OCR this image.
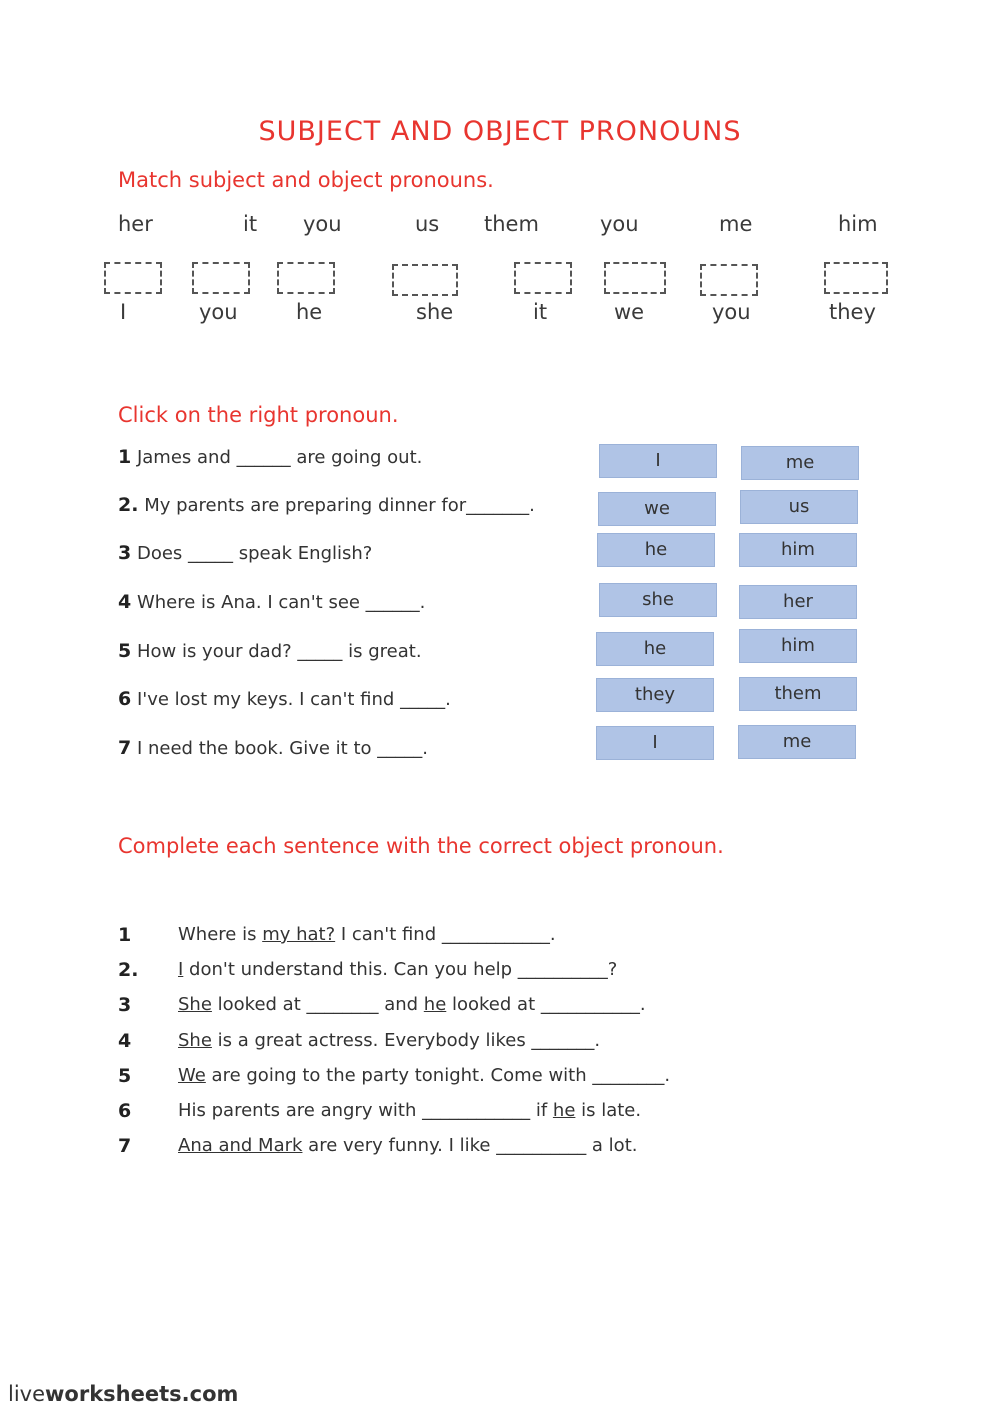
SUBJECT AND OBJECT PRONOUNS
Match subject and object pronouns.
her	it you	us them	you	me	him
I	you	he	she	it	we	you	they
Click on the right pronoun.
1 James and ______ are going out.	I	me
2. My parents are preparing dinner for_______.	we	us
3 Does _____ speak English?	he	him
4 Where is Ana. I can't see ______.	she	her
5 How is your dad? _____ is great.	he	him
6 I've lost my keys. I can't find _____.	they	them
7 I need the book. Give it to _____.	I	me
Complete each sentence with the correct object pronoun.
1	Where is my hat? I can't find ____________.
2. I don't understand this. Can you help __________?
3	She looked at ________ and he looked at ___________.
4	She is a great actress. Everybody likes _______.
5	We are going to the party tonight. Come with ________.
6	His parents are angry with ____________ if he is late.
7	Ana and Mark are very funny. I like __________ a lot.
liveworksheets.com
